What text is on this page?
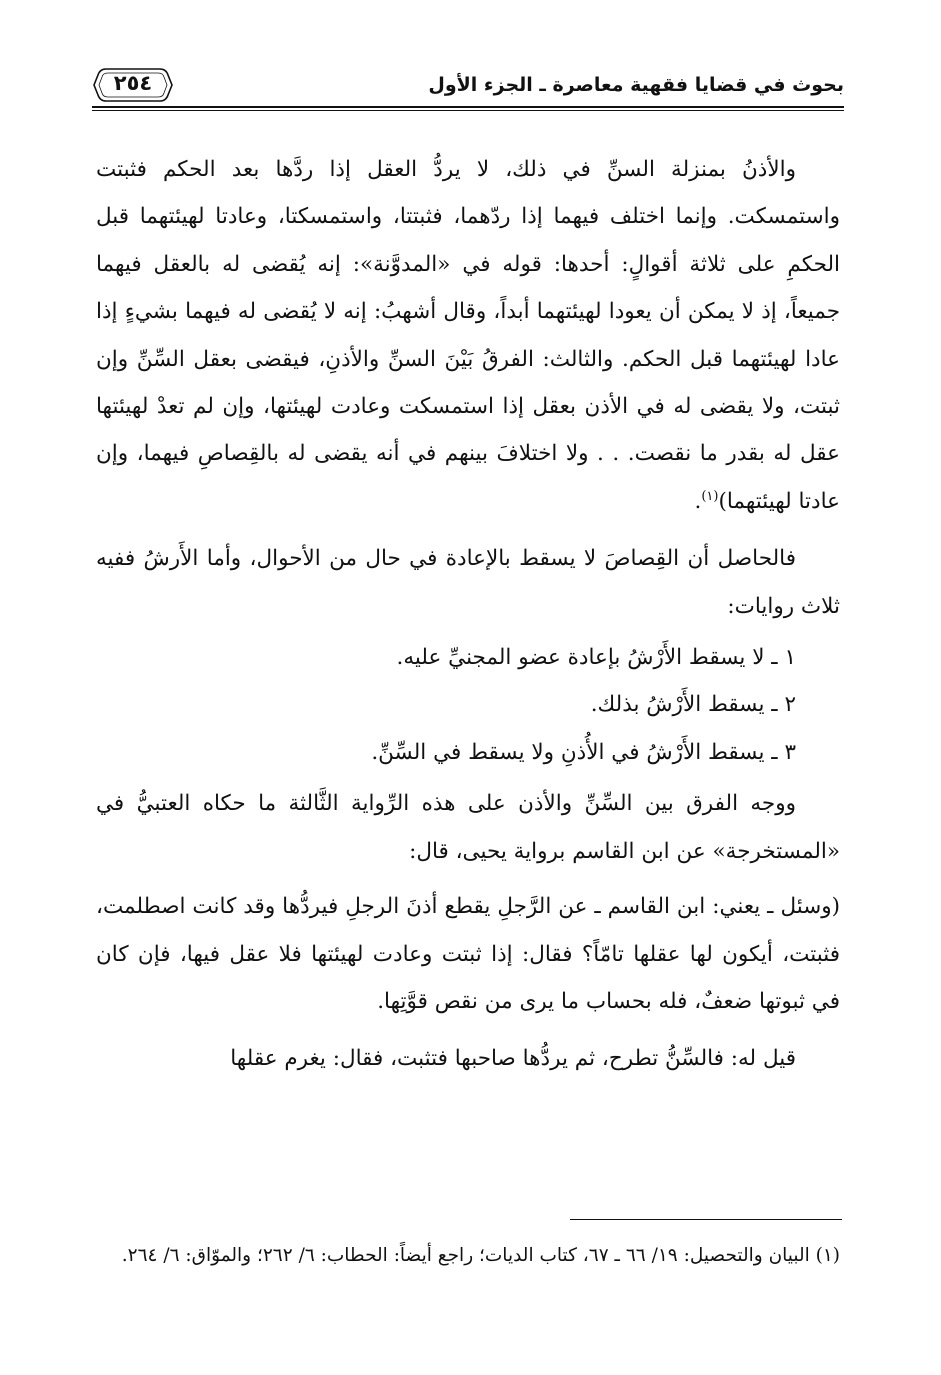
٢٥٤	بحوث في قضايا فقهية معاصرة ـ الجزء الأول

والأذنُ بمنزلة السنِّ في ذلك، لا يردُّ العقل إذا ردَّها بعد الحكم فثبتت واستمسكت. وإنما اختلف فيهما إذا ردّهما، فثبتتا، واستمسكتا، وعادتا لهيئتهما قبل الحكمِ على ثلاثة أقوالٍ: أحدها: قوله في «المدوَّنة»: إنه يُقضى له بالعقل فيهما جميعاً، إذ لا يمكن أن يعودا لهيئتهما أبداً، وقال أشهبُ: إنه لا يُقضى له فيهما بشيءٍ إذا عادا لهيئتهما قبل الحكم. والثالث: الفرقُ بَيْنَ السنِّ والأذنِ، فيقضى بعقل السِّنِّ وإن ثبتت، ولا يقضى له في الأذن بعقل إذا استمسكت وعادت لهيئتها، وإن لم تعدْ لهيئتها عقل له بقدر ما نقصت. . . ولا اختلافَ بينهم في أنه يقضى له بالقِصاصِ فيهما، وإن عادتا لهيئتهما)$^{(١)}$.

فالحاصل أن القِصاصَ لا يسقط بالإعادة في حال من الأحوال، وأما الأَرشُ ففيه ثلاث روايات:

١ ـ لا يسقط الأَرْشُ بإعادة عضو المجنيِّ عليه.

٢ ـ يسقط الأَرْشُ بذلك.

٣ ـ يسقط الأَرْشُ في الأُذنِ ولا يسقط في السِّنِّ.

ووجه الفرق بين السِّنِّ والأذن على هذه الرِّواية الثَّالثة ما حكاه العتبيُّ في «المستخرجة» عن ابن القاسم برواية يحيى، قال:

(وسئل ـ يعني: ابن القاسم ـ عن الرَّجلِ يقطع أذنَ الرجلِ فيردُّها وقد كانت اصطلمت، فثبتت، أيكون لها عقلها تامّاً؟ فقال: إذا ثبتت وعادت لهيئتها فلا عقل فيها، فإن كان في ثبوتها ضعفٌ، فله بحساب ما يرى من نقص قوَّتِها.

قيل له: فالسِّنُّ تطرح، ثم يردُّها صاحبها فتثبت، فقال: يغرم عقلها

(١) البيان والتحصيل: ١٩/ ٦٦ ـ ٦٧، كتاب الديات؛ راجع أيضاً: الحطاب: ٦/ ٢٦٢؛ والموّاق: ٦/ ٢٦٤.
